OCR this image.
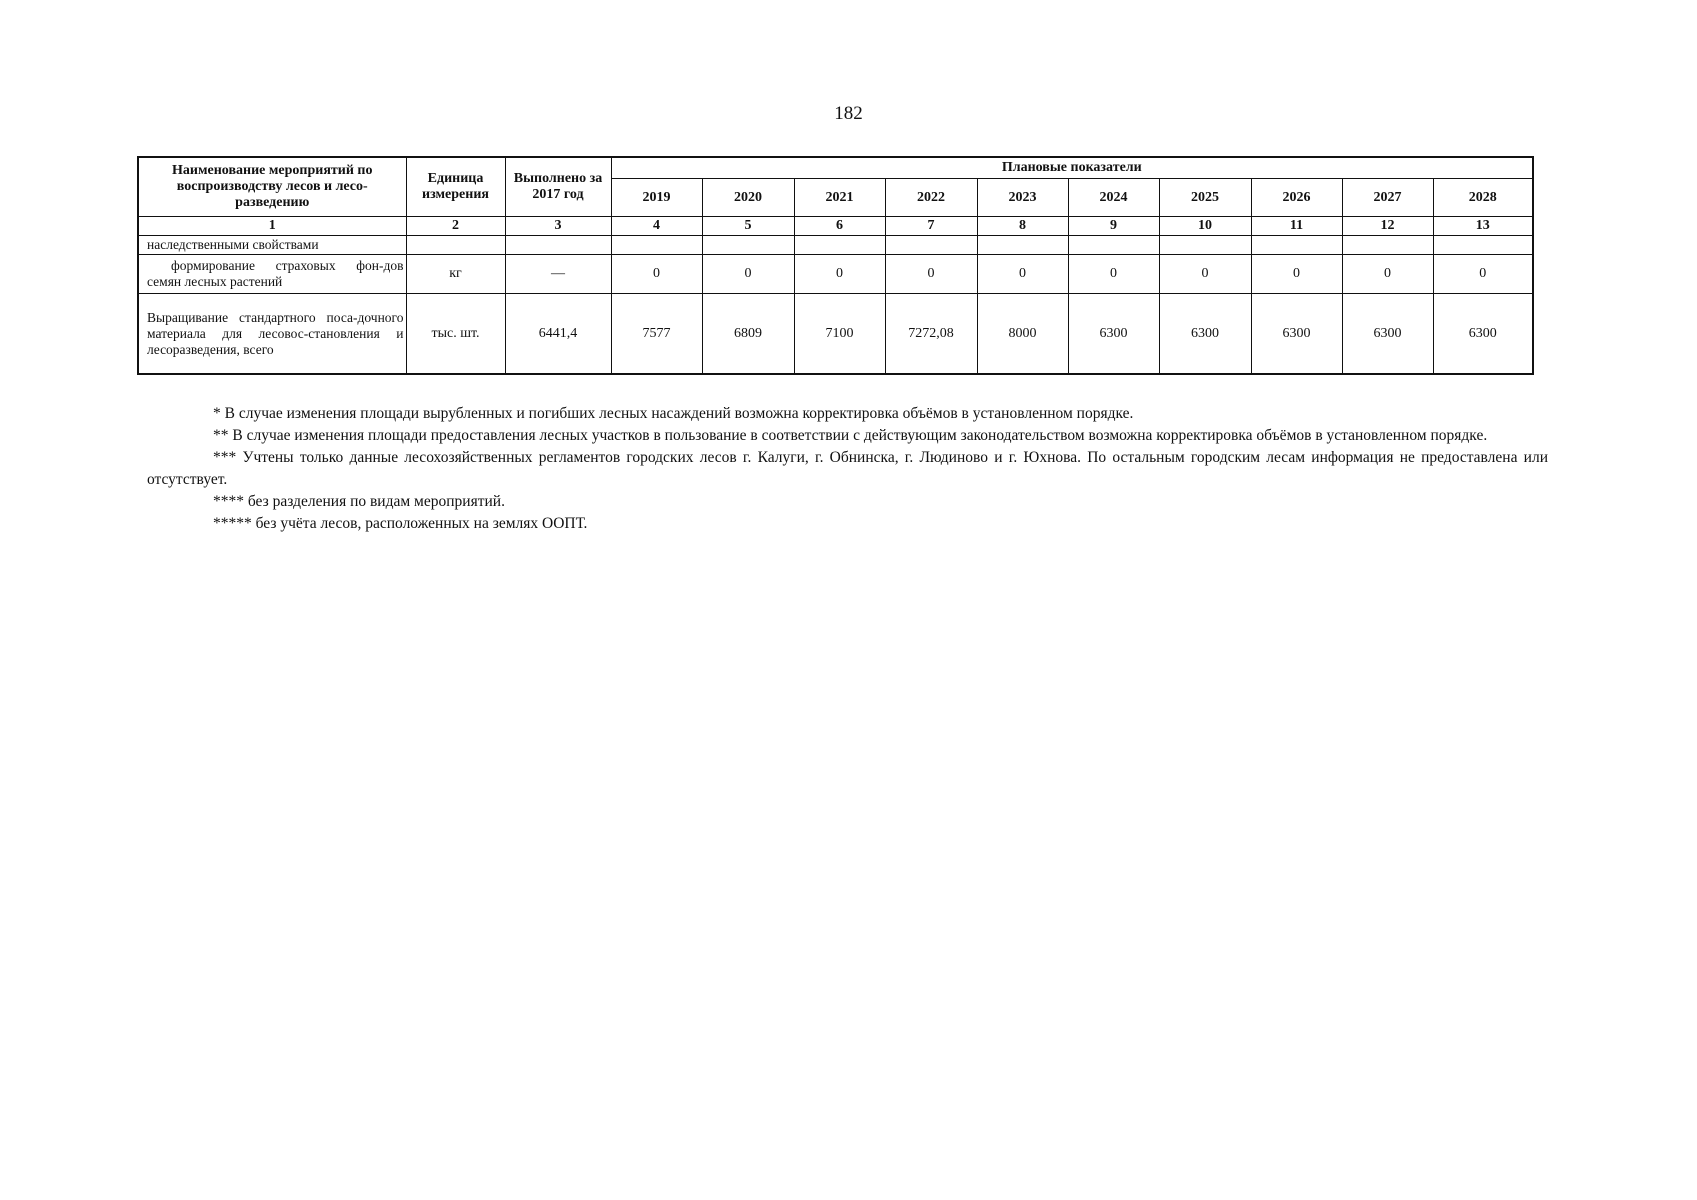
182
Наименование мероприятий по воспроизводству лесов и лесо-разведению	Единица измерения	Выполнено за 2017 год	Плановые показатели									
			2019	2020	2021	2022	2023	2024	2025	2026	2027	2028
1	2	3	4	5	6	7	8	9	10	11	12	13
наследственными свойствами												
формирование страховых фон-дов семян лесных растений	кг	—	0	0	0	0	0	0	0	0	0	0
Выращивание стандартного поса-дочного материала для лесовос-становления и лесоразведения, всего	тыс. шт.	6441,4	7577	6809	7100	7272,08	8000	6300	6300	6300	6300	6300

* В случае изменения площади вырубленных и погибших лесных насаждений возможна корректировка объёмов в установленном порядке.

** В случае изменения площади предоставления лесных участков в пользование в соответствии с действующим законодательством возможна корректировка объёмов в установленном порядке.

*** Учтены только данные лесохозяйственных регламентов городских лесов г. Калуги, г. Обнинска, г. Людиново и г. Юхнова. По остальным городским лесам информация не предоставлена или отсутствует.

**** без разделения по видам мероприятий.

***** без учёта лесов, расположенных на землях ООПТ.
